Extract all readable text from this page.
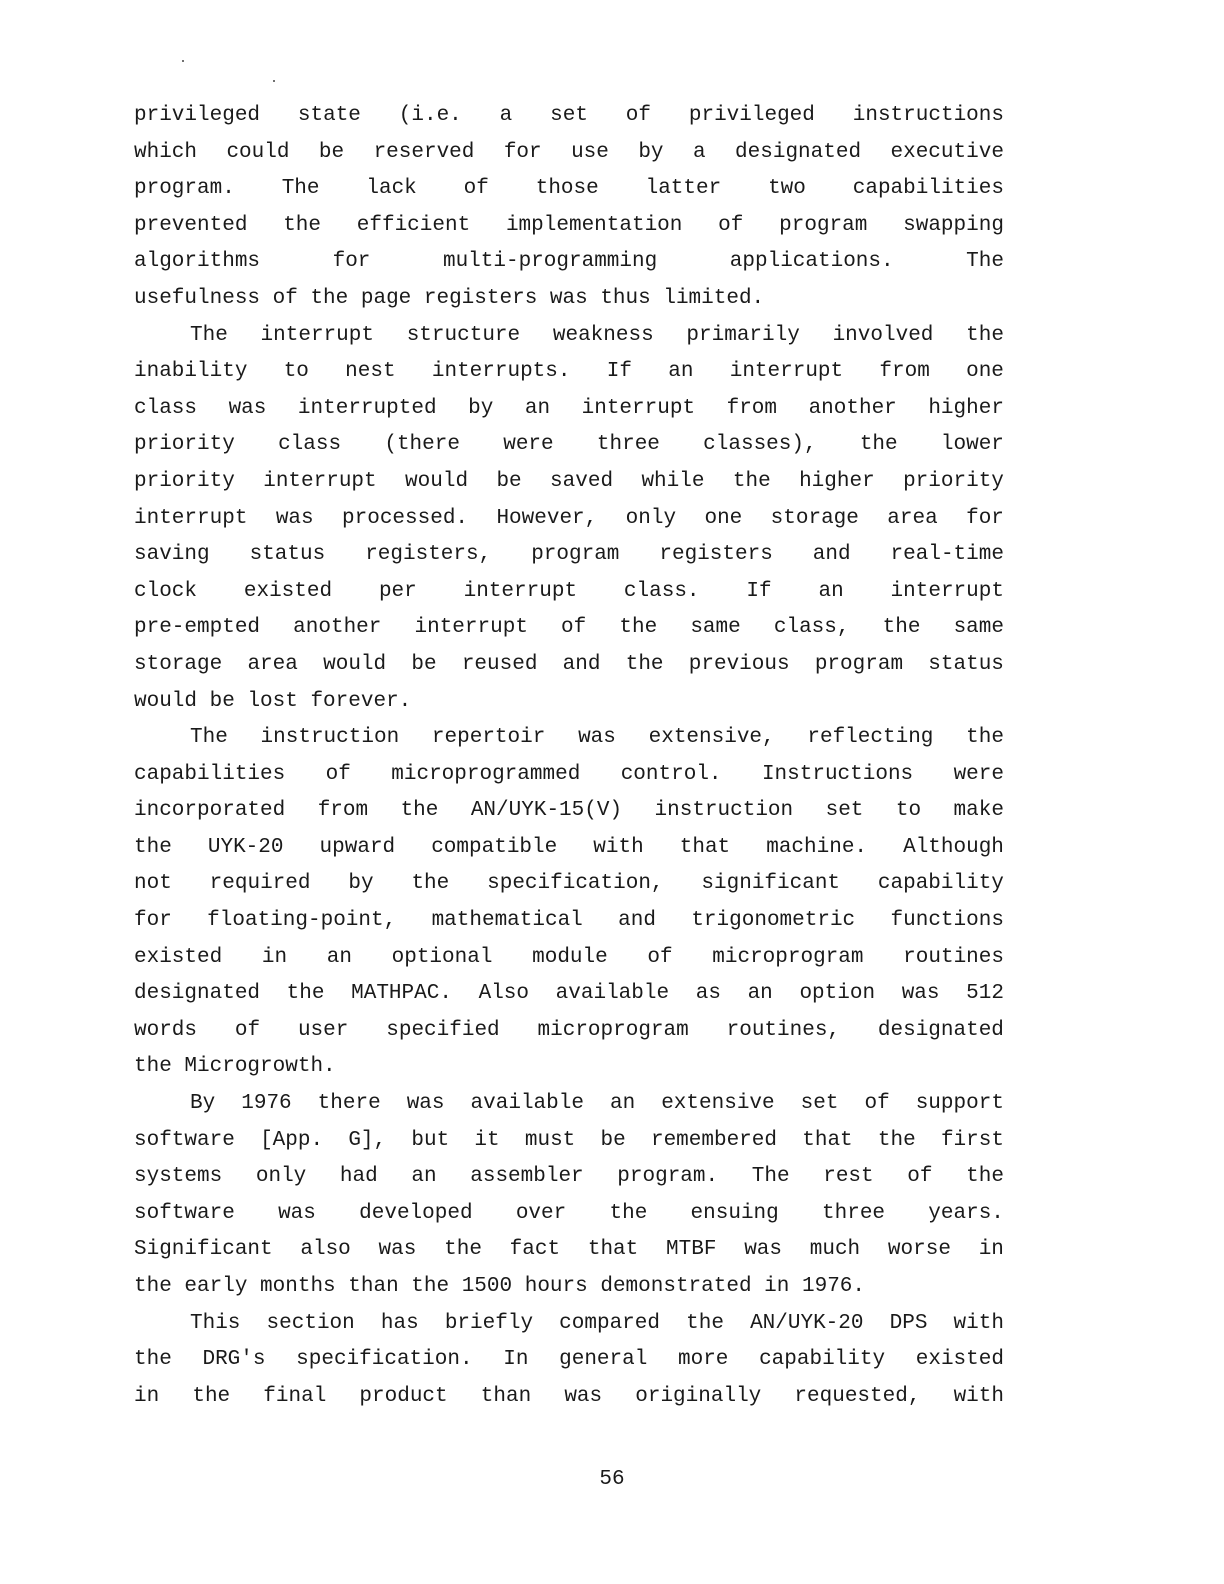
privileged state (i.e. a set of privileged instructions
which could be reserved for use by a designated executive
program. The lack of those latter two capabilities
prevented the efficient implementation of program swapping
algorithms	for	multi-programming	applications.	The
usefulness of the page registers was thus limited.
The interrupt structure weakness primarily involved the
inability to nest interrupts. If an interrupt from one
class was interrupted by an interrupt from another higher
priority class (there were three classes), the lower
priority interrupt would be saved while the higher priority
interrupt was processed. However, only one storage area for
saving status registers, program registers and real-time
clock existed per interrupt class. If an interrupt
pre-empted another interrupt of the same class, the same
storage area would be reused and the previous program status
would be lost forever.
The instruction repertoir was extensive, reflecting the
capabilities of microprogrammed control. Instructions were
incorporated from the AN/UYK-15(V) instruction set to make
the UYK-20 upward compatible with that machine. Although
not required by the specification, significant capability
for floating-point, mathematical and trigonometric functions
existed in an optional module of microprogram routines
designated the MATHPAC. Also available as an option was 512
words of user specified microprogram routines, designated
the Microgrowth.
By 1976 there was available an extensive set of support
software [App. G], but it must be remembered that the first
systems only had an assembler program. The rest of the
software was developed over the ensuing three years.
Significant also was the fact that MTBF was much worse in
the early months than the 1500 hours demonstrated in 1976.
This section has briefly compared the AN/UYK-20 DPS with
the DRG's specification. In general more capability existed
in the final product than was originally requested, with
56
